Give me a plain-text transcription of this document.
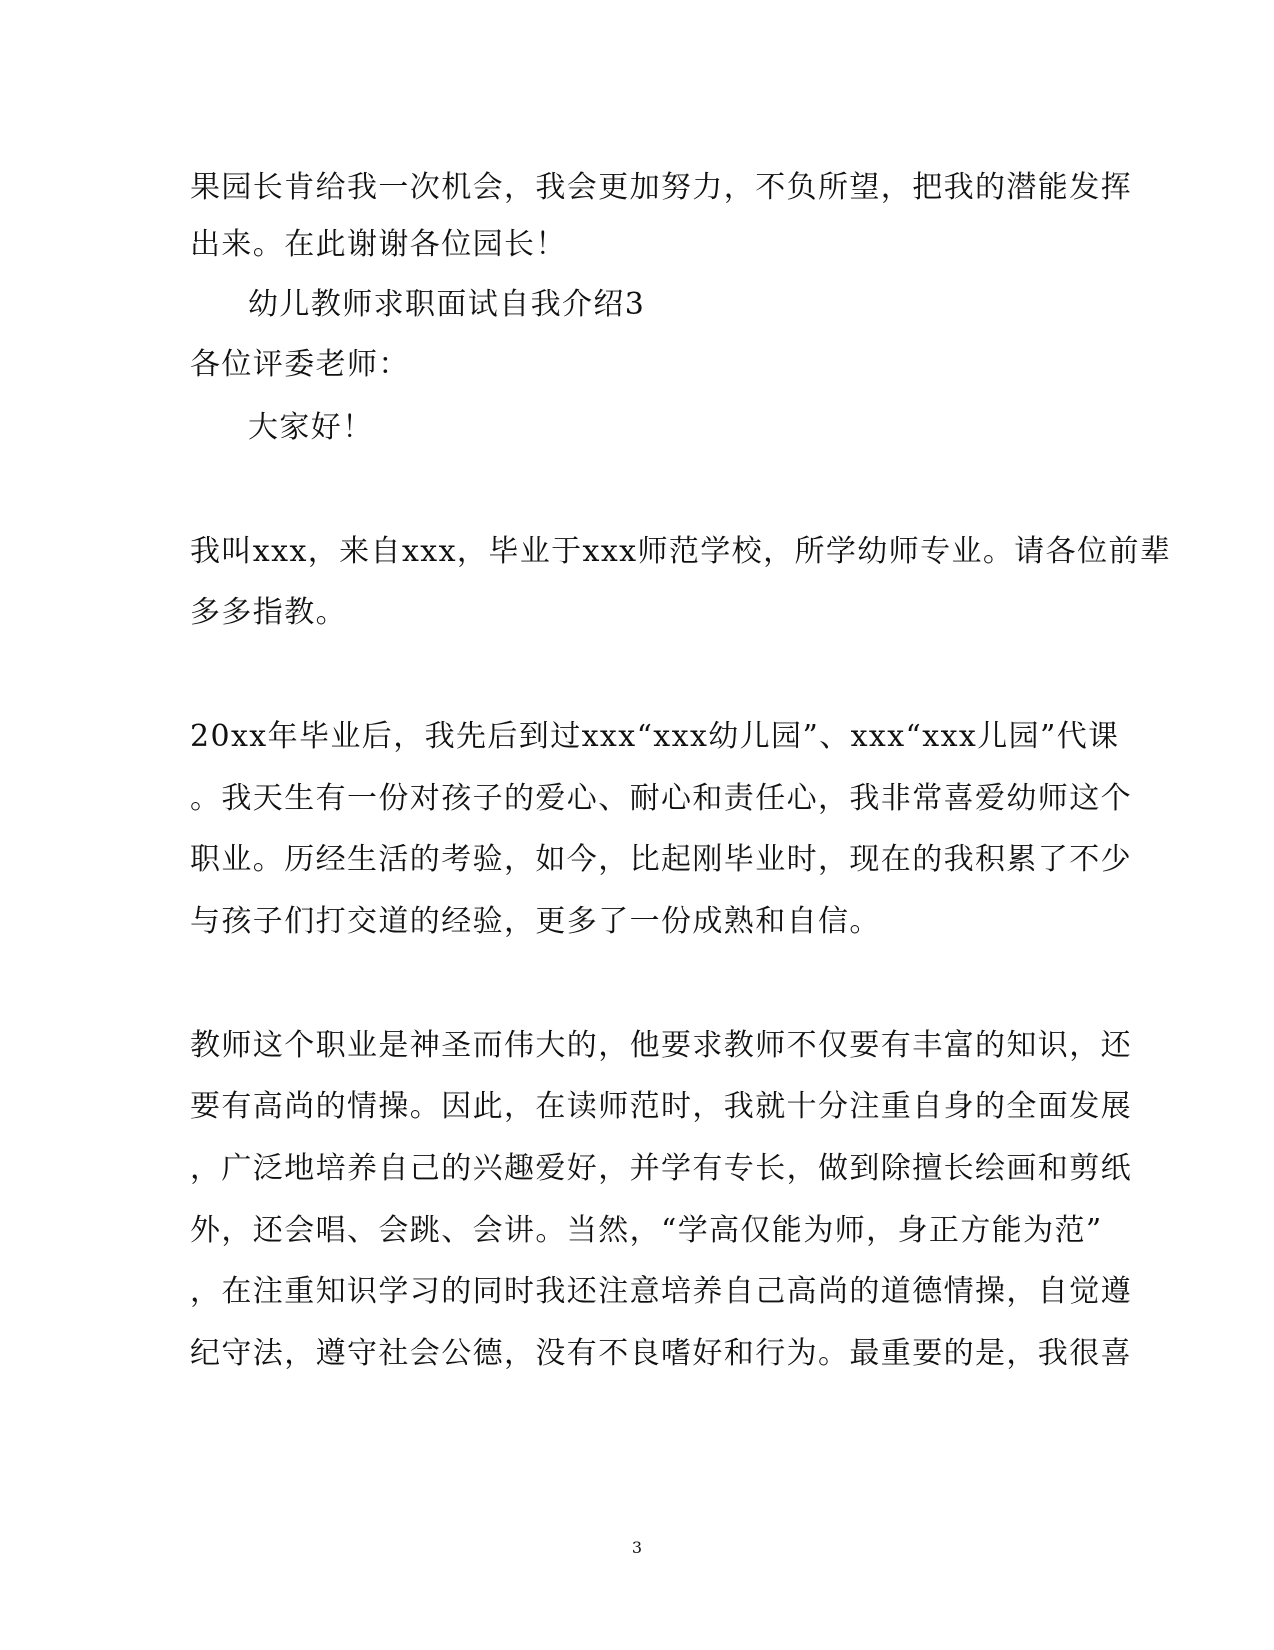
果园长肯给我一次机会，我会更加努力，不负所望，把我的潜能发挥
出来。在此谢谢各位园长！
幼儿教师求职面试自我介绍3
各位评委老师：
大家好！
我叫xxx，来自xxx，毕业于xxx师范学校，所学幼师专业。请各位前辈
多多指教。
20xx年毕业后，我先后到过xxx“xxx幼儿园”、xxx“xxx儿园”代课
。我天生有一份对孩子的爱心、耐心和责任心，我非常喜爱幼师这个
职业。历经生活的考验，如今，比起刚毕业时，现在的我积累了不少
与孩子们打交道的经验，更多了一份成熟和自信。
教师这个职业是神圣而伟大的，他要求教师不仅要有丰富的知识，还
要有高尚的情操。因此，在读师范时，我就十分注重自身的全面发展
，广泛地培养自己的兴趣爱好，并学有专长，做到除擅长绘画和剪纸
外，还会唱、会跳、会讲。当然，“学高仅能为师，身正方能为范”
，在注重知识学习的同时我还注意培养自己高尚的道德情操，自觉遵
纪守法，遵守社会公德，没有不良嗜好和行为。最重要的是，我很喜
3
